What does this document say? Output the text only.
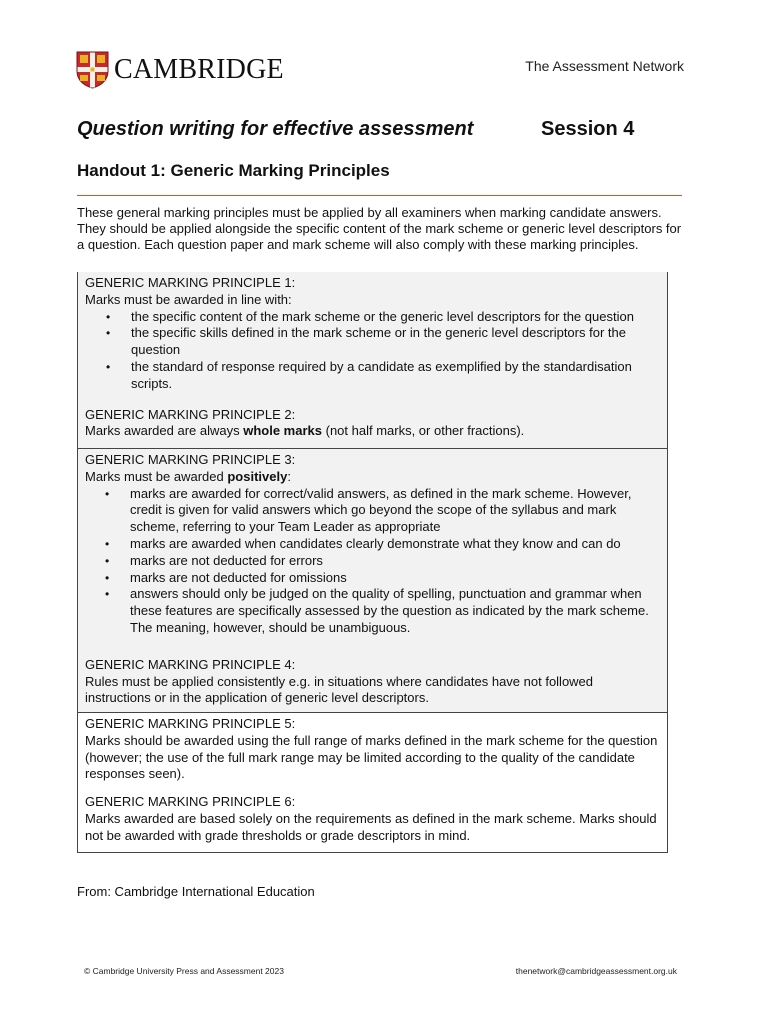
CAMBRIDGE	The Assessment Network
Question writing for effective assessment	Session 4
Handout 1: Generic Marking Principles

These general marking principles must be applied by all examiners when marking candidate answers. They should be applied alongside the specific content of the mark scheme or generic level descriptors for a question. Each question paper and mark scheme will also comply with these marking principles.

GENERIC MARKING PRINCIPLE 1:

Marks must be awarded in line with:

• the specific content of the mark scheme or the generic level descriptors for the question
• the specific skills defined in the mark scheme or in the generic level descriptors for the question
• the standard of response required by a candidate as exemplified by the standardisation scripts.

GENERIC MARKING PRINCIPLE 2:

Marks awarded are always whole marks (not half marks, or other fractions).

GENERIC MARKING PRINCIPLE 3:

Marks must be awarded positively:

• marks are awarded for correct/valid answers, as defined in the mark scheme. However, credit is given for valid answers which go beyond the scope of the syllabus and mark scheme, referring to your Team Leader as appropriate
• marks are awarded when candidates clearly demonstrate what they know and can do
• marks are not deducted for errors
• marks are not deducted for omissions
• answers should only be judged on the quality of spelling, punctuation and grammar when these features are specifically assessed by the question as indicated by the mark scheme. The meaning, however, should be unambiguous.

GENERIC MARKING PRINCIPLE 4:

Rules must be applied consistently e.g. in situations where candidates have not followed instructions or in the application of generic level descriptors.

GENERIC MARKING PRINCIPLE 5:

Marks should be awarded using the full range of marks defined in the mark scheme for the question (however; the use of the full mark range may be limited according to the quality of the candidate responses seen).

GENERIC MARKING PRINCIPLE 6:

Marks awarded are based solely on the requirements as defined in the mark scheme. Marks should not be awarded with grade thresholds or grade descriptors in mind.

From: Cambridge International Education

© Cambridge University Press and Assessment 2023	thenetwork@cambridgeassessment.org.uk
